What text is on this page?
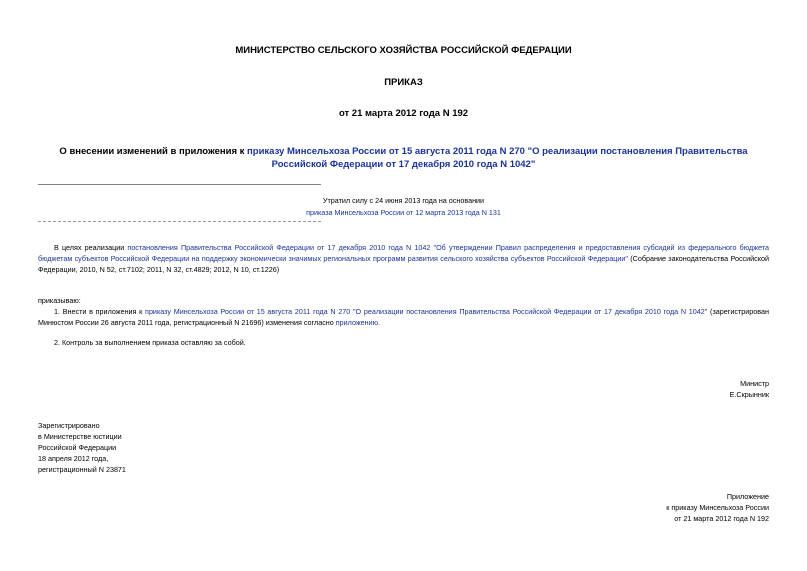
МИНИСТЕРСТВО СЕЛЬСКОГО ХОЗЯЙСТВА РОССИЙСКОЙ ФЕДЕРАЦИИ
ПРИКАЗ
от 21 марта 2012 года N 192
О внесении изменений в приложения к приказу Минсельхоза России от 15 августа 2011 года N 270 "О реализации постановления Правительства Российской Федерации от 17 декабря 2010 года N 1042"
Утратил силу с 24 июня 2013 года на основании
приказа Минсельхоза России от 12 марта 2013 года N 131
В целях реализации постановления Правительства Российской Федерации от 17 декабря 2010 года N 1042 "Об утверждении Правил распределения и предоставления субсидий из федерального бюджета бюджетам субъектов Российской Федерации на поддержку экономически значимых региональных программ развития сельского хозяйства субъектов Российской Федерации" (Собрание законодательства Российской Федерации, 2010, N 52, ст.7102; 2011, N 32, ст.4829; 2012, N 10, ст.1226)
приказываю:
1. Внести в приложения к приказу Минсельхоза России от 15 августа 2011 года N 270 "О реализации постановления Правительства Российской Федерации от 17 декабря 2010 года N 1042" (зарегистрирован Минюстом России 26 августа 2011 года, регистрационный N 21696) изменения согласно приложению.
2. Контроль за выполнением приказа оставляю за собой.
Министр
Е.Скрынник
Зарегистрировано
в Министерстве юстиции
Российской Федерации
18 апреля 2012 года,
регистрационный N 23871
Приложение
к приказу Минсельхоза России
от 21 марта 2012 года N 192
